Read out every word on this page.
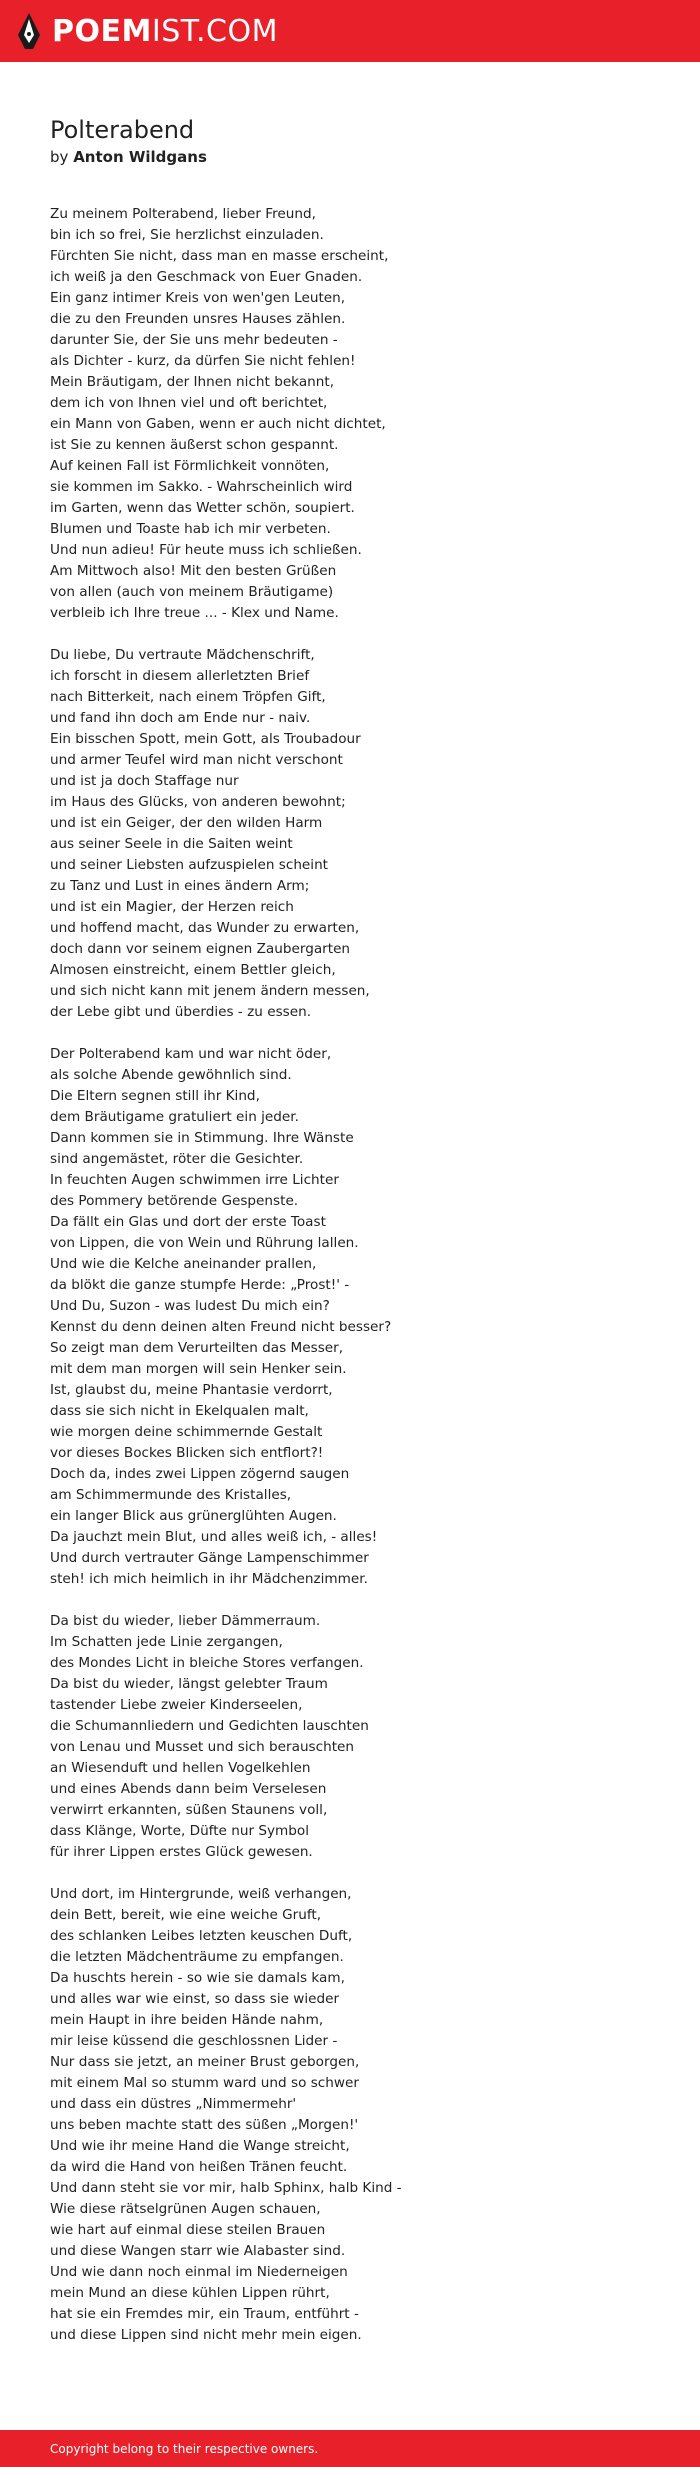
POEMIST.COM
Polterabend
by Anton Wildgans
Zu meinem Polterabend, lieber Freund,
bin ich so frei, Sie herzlichst einzuladen.
Fürchten Sie nicht, dass man en masse erscheint,
ich weiß ja den Geschmack von Euer Gnaden.
Ein ganz intimer Kreis von wen'gen Leuten,
die zu den Freunden unsres Hauses zählen.
darunter Sie, der Sie uns mehr bedeuten -
als Dichter - kurz, da dürfen Sie nicht fehlen!
Mein Bräutigam, der Ihnen nicht bekannt,
dem ich von Ihnen viel und oft berichtet,
ein Mann von Gaben, wenn er auch nicht dichtet,
ist Sie zu kennen äußerst schon gespannt.
Auf keinen Fall ist Förmlichkeit vonnöten,
sie kommen im Sakko. - Wahrscheinlich wird
im Garten, wenn das Wetter schön, soupiert.
Blumen und Toaste hab ich mir verbeten.
Und nun adieu! Für heute muss ich schließen.
Am Mittwoch also! Mit den besten Grüßen
von allen (auch von meinem Bräutigame)
verbleib ich Ihre treue ... - Klex und Name.
Du liebe, Du vertraute Mädchenschrift,
ich forscht in diesem allerletzten Brief
nach Bitterkeit, nach einem Tröpfen Gift,
und fand ihn doch am Ende nur - naiv.
Ein bisschen Spott, mein Gott, als Troubadour
und armer Teufel wird man nicht verschont
und ist ja doch Staffage nur
im Haus des Glücks, von anderen bewohnt;
und ist ein Geiger, der den wilden Harm
aus seiner Seele in die Saiten weint
und seiner Liebsten aufzuspielen scheint
zu Tanz und Lust in eines ändern Arm;
und ist ein Magier, der Herzen reich
und hoffend macht, das Wunder zu erwarten,
doch dann vor seinem eignen Zaubergarten
Almosen einstreicht, einem Bettler gleich,
und sich nicht kann mit jenem ändern messen,
der Lebe gibt und überdies - zu essen.
Der Polterabend kam und war nicht öder,
als solche Abende gewöhnlich sind.
Die Eltern segnen still ihr Kind,
dem Bräutigame gratuliert ein jeder.
Dann kommen sie in Stimmung. Ihre Wänste
sind angemästet, röter die Gesichter.
In feuchten Augen schwimmen irre Lichter
des Pommery betörende Gespenste.
Da fällt ein Glas und dort der erste Toast
von Lippen, die von Wein und Rührung lallen.
Und wie die Kelche aneinander prallen,
da blökt die ganze stumpfe Herde: „Prost!' -
Und Du, Suzon - was ludest Du mich ein?
Kennst du denn deinen alten Freund nicht besser?
So zeigt man dem Verurteilten das Messer,
mit dem man morgen will sein Henker sein.
Ist, glaubst du, meine Phantasie verdorrt,
dass sie sich nicht in Ekelqualen malt,
wie morgen deine schimmernde Gestalt
vor dieses Bockes Blicken sich entflort?!
Doch da, indes zwei Lippen zögernd saugen
am Schimmermunde des Kristalles,
ein langer Blick aus grünerglühten Augen.
Da jauchzt mein Blut, und alles weiß ich, - alles!
Und durch vertrauter Gänge Lampenschimmer
steh! ich mich heimlich in ihr Mädchenzimmer.
Da bist du wieder, lieber Dämmerraum.
Im Schatten jede Linie zergangen,
des Mondes Licht in bleiche Stores verfangen.
Da bist du wieder, längst gelebter Traum
tastender Liebe zweier Kinderseelen,
die Schumannliedern und Gedichten lauschten
von Lenau und Musset und sich berauschten
an Wiesenduft und hellen Vogelkehlen
und eines Abends dann beim Verselesen
verwirrt erkannten, süßen Staunens voll,
dass Klänge, Worte, Düfte nur Symbol
für ihrer Lippen erstes Glück gewesen.
Und dort, im Hintergrunde, weiß verhangen,
dein Bett, bereit, wie eine weiche Gruft,
des schlanken Leibes letzten keuschen Duft,
die letzten Mädchenträume zu empfangen.
Da huschts herein - so wie sie damals kam,
und alles war wie einst, so dass sie wieder
mein Haupt in ihre beiden Hände nahm,
mir leise küssend die geschlossnen Lider -
Nur dass sie jetzt, an meiner Brust geborgen,
mit einem Mal so stumm ward und so schwer
und dass ein düstres „Nimmermehr'
uns beben machte statt des süßen „Morgen!'
Und wie ihr meine Hand die Wange streicht,
da wird die Hand von heißen Tränen feucht.
Und dann steht sie vor mir, halb Sphinx, halb Kind -
Wie diese rätselgrünen Augen schauen,
wie hart auf einmal diese steilen Brauen
und diese Wangen starr wie Alabaster sind.
Und wie dann noch einmal im Niederneigen
mein Mund an diese kühlen Lippen rührt,
hat sie ein Fremdes mir, ein Traum, entführt -
und diese Lippen sind nicht mehr mein eigen.
Copyright belong to their respective owners.
